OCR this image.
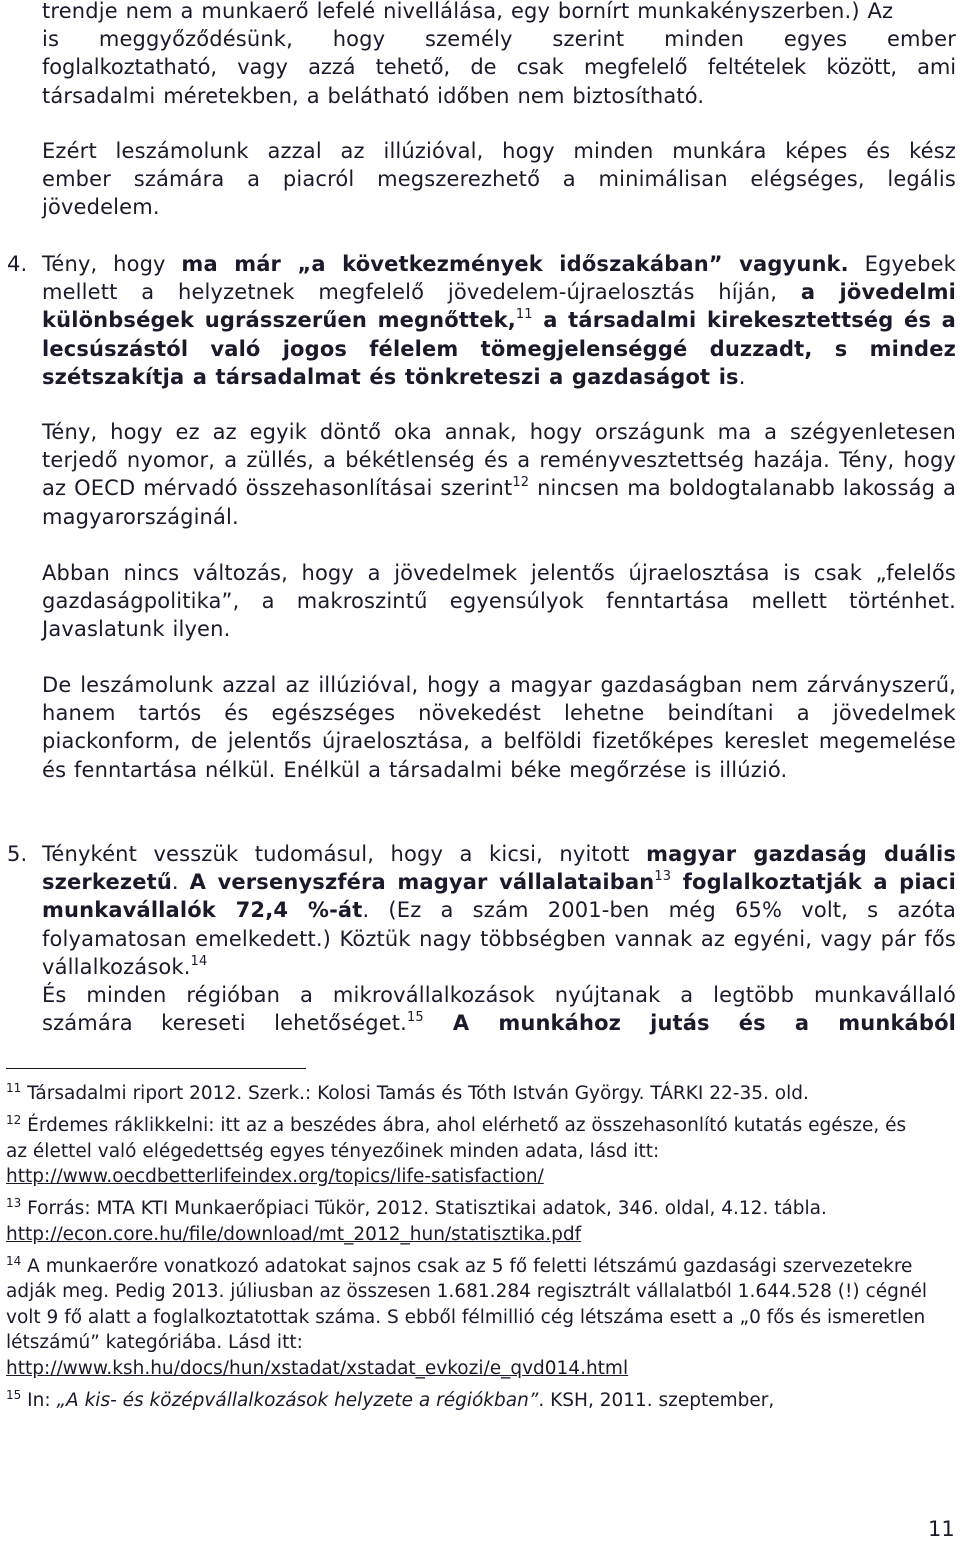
trendje nem a munkaerő lefelé nivellálása, egy bornírt munkakényszerben.) Az

is meggyőződésünk, hogy személy szerint minden egyes ember

foglalkoztatható, vagy azzá tehető, de csak megfelelő feltételek között, ami

társadalmi méretekben, a belátható időben nem biztosítható.

Ezért leszámolunk azzal az illúzióval, hogy minden munkára képes és kész

ember számára a piacról megszerezhető a minimálisan elégséges, legális

jövedelem.

4. Tény, hogy ma már „a következmények időszakában” vagyunk. Egyebek mellett a helyzetnek megfelelő jövedelem-újraelosztás híján, a jövedelmi különbségek ugrásszerűen megnőttek,$^{11}$ a társadalmi kirekesztettség és a lecsúszástól való jogos félelem tömegjelenséggé duzzadt, s mindez szétszakítja a társadalmat és tönkreteszi a gazdaságot is.

Tény, hogy ez az egyik döntő oka annak, hogy országunk ma a szégyenletesen terjedő nyomor, a züllés, a békétlenség és a reményvesztettség hazája. Tény, hogy az OECD mérvadó összehasonlításai szerint$^{12}$ nincsen ma boldogtalanabb lakosság a magyarországinál.

Abban nincs változás, hogy a jövedelmek jelentős újraelosztása is csak „felelős gazdaságpolitika”, a makroszintű egyensúlyok fenntartása mellett történhet. Javaslatunk ilyen.

De leszámolunk azzal az illúzióval, hogy a magyar gazdaságban nem zárványszerű, hanem tartós és egészséges növekedést lehetne beindítani a jövedelmek piackonform, de jelentős újraelosztása, a belföldi fizetőképes kereslet megemelése és fenntartása nélkül. Enélkül a társadalmi béke megőrzése is illúzió.

5. Tényként vesszük tudomásul, hogy a kicsi, nyitott magyar gazdaság duális szerkezetű. A versenyszféra magyar vállalataiban$^{13}$ foglalkoztatják a piaci munkavállalók 72,4 %-át. (Ez a szám 2001-ben még 65% volt, s azóta folyamatosan emelkedett.) Köztük nagy többségben vannak az egyéni, vagy pár fős vállalkozások.$^{14}$

És minden régióban a mikrovállalkozások nyújtanak a legtöbb munkavállaló számára kereseti lehetőséget.$^{15}$ A munkához jutás és a munkából

$^{11}$ Társadalmi riport 2012. Szerk.: Kolosi Tamás és Tóth István György. TÁRKI 22-35. old.

$^{12}$ Érdemes ráklikkelni: itt az a beszédes ábra, ahol elérhető az összehasonlító kutatás egésze, és az élettel való elégedettség egyes tényezőinek minden adata, lásd itt:
http://www.oecdbetterlifeindex.org/topics/life-satisfaction/

$^{13}$ Forrás: MTA KTI Munkaerőpiaci Tükör, 2012. Statisztikai adatok, 346. oldal, 4.12. tábla.
http://econ.core.hu/file/download/mt_2012_hun/statisztika.pdf

$^{14}$ A munkaerőre vonatkozó adatokat sajnos csak az 5 fő feletti létszámú gazdasági szervezetekre adják meg. Pedig 2013. júliusban az összesen 1.681.284 regisztrált vállalatból 1.644.528 (!) cégnél volt 9 fő alatt a foglalkoztatottak száma. S ebből félmillió cég létszáma esett a „0 fős és ismeretlen létszámú” kategóriába. Lásd itt:
http://www.ksh.hu/docs/hun/xstadat/xstadat_evkozi/e_qvd014.html

$^{15}$ In: „A kis- és középvállalkozások helyzete a régiókban”. KSH, 2011. szeptember,

11
